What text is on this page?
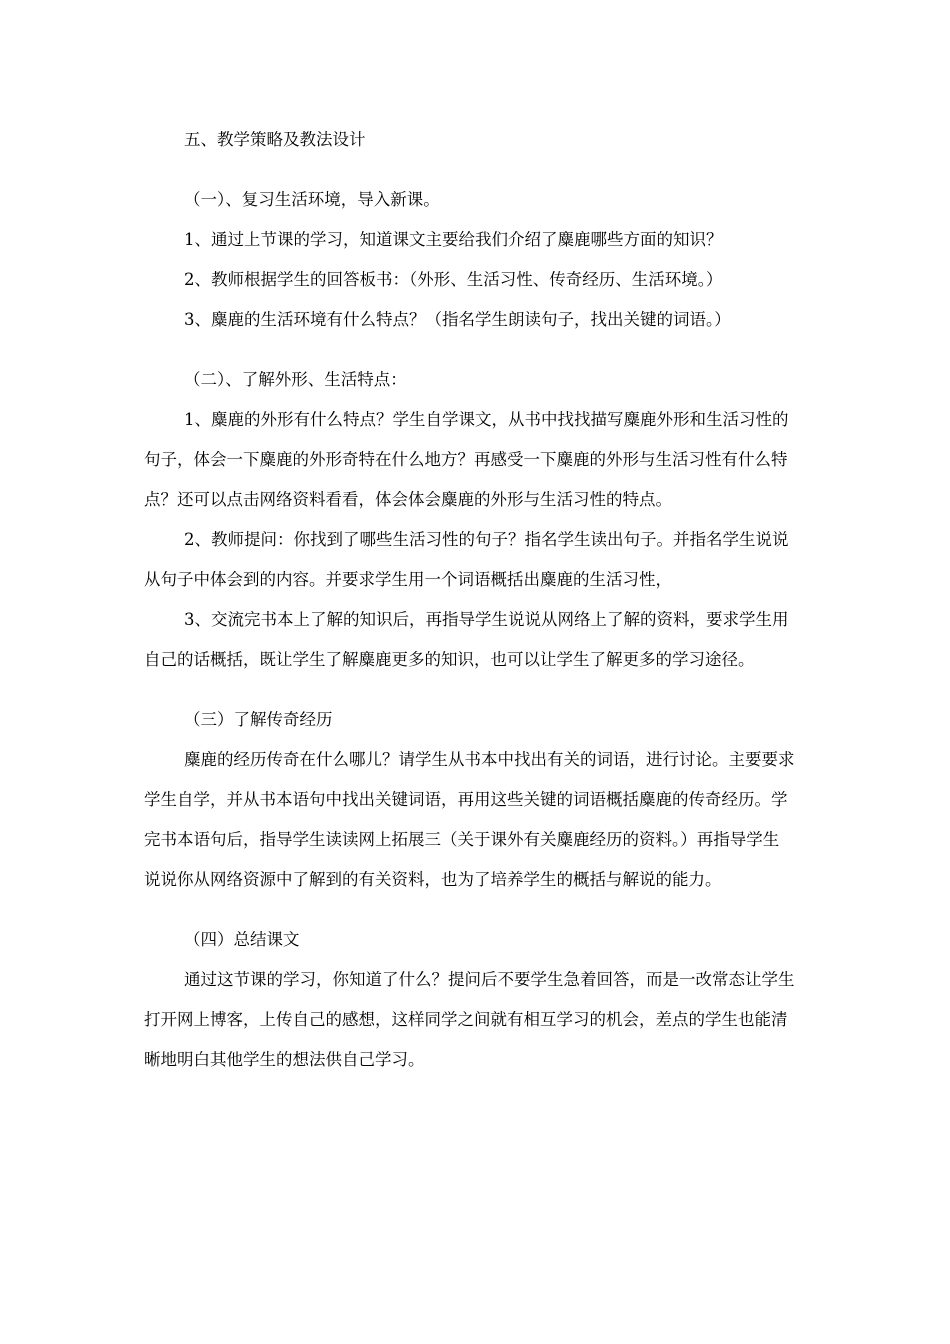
五、教学策略及教法设计
（一）、复习生活环境，导入新课。
1、通过上节课的学习，知道课文主要给我们介绍了麋鹿哪些方面的知识？
2、教师根据学生的回答板书：（外形、生活习性、传奇经历、生活环境。）
3、麋鹿的生活环境有什么特点？（指名学生朗读句子，找出关键的词语。）
（二）、了解外形、生活特点：
1、麋鹿的外形有什么特点？学生自学课文，从书中找找描写麋鹿外形和生活习性的
句子，体会一下麋鹿的外形奇特在什么地方？再感受一下麋鹿的外形与生活习性有什么特
点？还可以点击网络资料看看，体会体会麋鹿的外形与生活习性的特点。
2、教师提问：你找到了哪些生活习性的句子？指名学生读出句子。并指名学生说说
从句子中体会到的内容。并要求学生用一个词语概括出麋鹿的生活习性，
3、交流完书本上了解的知识后，再指导学生说说从网络上了解的资料，要求学生用
自己的话概括，既让学生了解麋鹿更多的知识，也可以让学生了解更多的学习途径。
（三）了解传奇经历
麋鹿的经历传奇在什么哪儿？请学生从书本中找出有关的词语，进行讨论。主要要求
学生自学，并从书本语句中找出关键词语，再用这些关键的词语概括麋鹿的传奇经历。学
完书本语句后，指导学生读读网上拓展三（关于课外有关麋鹿经历的资料。）再指导学生
说说你从网络资源中了解到的有关资料，也为了培养学生的概括与解说的能力。
（四）总结课文
通过这节课的学习，你知道了什么？提问后不要学生急着回答，而是一改常态让学生
打开网上博客，上传自己的感想，这样同学之间就有相互学习的机会，差点的学生也能清
晰地明白其他学生的想法供自己学习。
